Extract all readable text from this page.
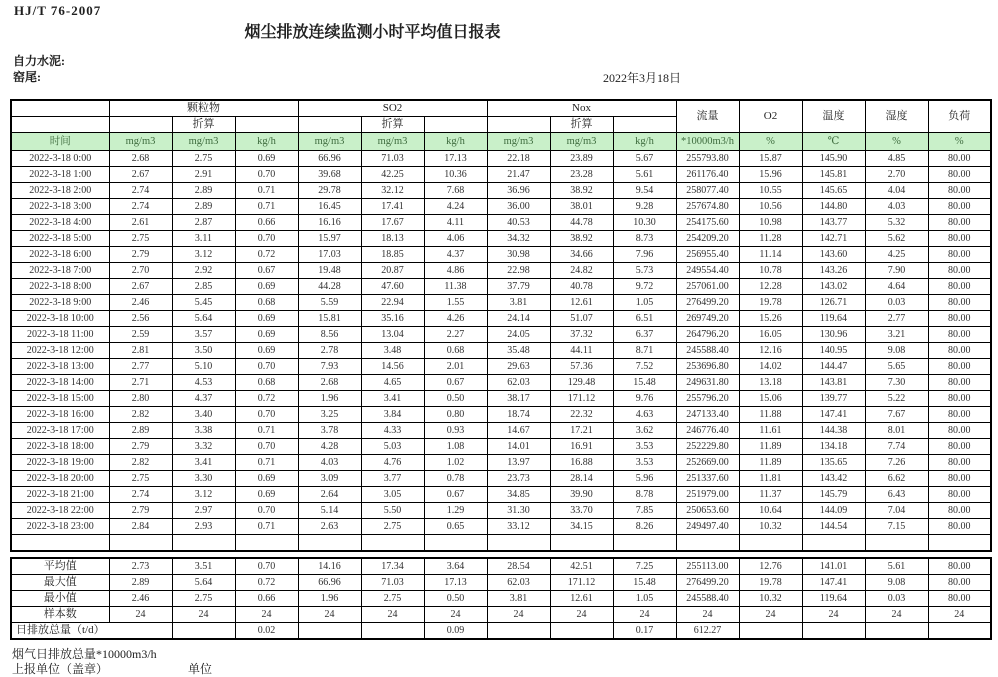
HJ/T 76-2007
烟尘排放连续监测小时平均值日报表
自力水泥:
窑尾:	2022年3月18日
	颗粒物			SO2			Nox			流量	O2	温度	湿度	负荷
		折算			折算			折算						
时间	mg/m3	mg/m3	kg/h	mg/m3	mg/m3	kg/h	mg/m3	mg/m3	kg/h	*10000m3/h	%	℃	%	%
2022-3-18 0:00	2.68	2.75	0.69	66.96	71.03	17.13	22.18	23.89	5.67	255793.80	15.87	145.90	4.85	80.00
2022-3-18 1:00	2.67	2.91	0.70	39.68	42.25	10.36	21.47	23.28	5.61	261176.40	15.96	145.81	2.70	80.00
2022-3-18 2:00	2.74	2.89	0.71	29.78	32.12	7.68	36.96	38.92	9.54	258077.40	10.55	145.65	4.04	80.00
2022-3-18 3:00	2.74	2.89	0.71	16.45	17.41	4.24	36.00	38.01	9.28	257674.80	10.56	144.80	4.03	80.00
2022-3-18 4:00	2.61	2.87	0.66	16.16	17.67	4.11	40.53	44.78	10.30	254175.60	10.98	143.77	5.32	80.00
2022-3-18 5:00	2.75	3.11	0.70	15.97	18.13	4.06	34.32	38.92	8.73	254209.20	11.28	142.71	5.62	80.00
2022-3-18 6:00	2.79	3.12	0.72	17.03	18.85	4.37	30.98	34.66	7.96	256955.40	11.14	143.60	4.25	80.00
2022-3-18 7:00	2.70	2.92	0.67	19.48	20.87	4.86	22.98	24.82	5.73	249554.40	10.78	143.26	7.90	80.00
2022-3-18 8:00	2.67	2.85	0.69	44.28	47.60	11.38	37.79	40.78	9.72	257061.00	12.28	143.02	4.64	80.00
2022-3-18 9:00	2.46	5.45	0.68	5.59	22.94	1.55	3.81	12.61	1.05	276499.20	19.78	126.71	0.03	80.00
2022-3-18 10:00	2.56	5.64	0.69	15.81	35.16	4.26	24.14	51.07	6.51	269749.20	15.26	119.64	2.77	80.00
2022-3-18 11:00	2.59	3.57	0.69	8.56	13.04	2.27	24.05	37.32	6.37	264796.20	16.05	130.96	3.21	80.00
2022-3-18 12:00	2.81	3.50	0.69	2.78	3.48	0.68	35.48	44.11	8.71	245588.40	12.16	140.95	9.08	80.00
2022-3-18 13:00	2.77	5.10	0.70	7.93	14.56	2.01	29.63	57.36	7.52	253696.80	14.02	144.47	5.65	80.00
2022-3-18 14:00	2.71	4.53	0.68	2.68	4.65	0.67	62.03	129.48	15.48	249631.80	13.18	143.81	7.30	80.00
2022-3-18 15:00	2.80	4.37	0.72	1.96	3.41	0.50	38.17	171.12	9.76	255796.20	15.06	139.77	5.22	80.00
2022-3-18 16:00	2.82	3.40	0.70	3.25	3.84	0.80	18.74	22.32	4.63	247133.40	11.88	147.41	7.67	80.00
2022-3-18 17:00	2.89	3.38	0.71	3.78	4.33	0.93	14.67	17.21	3.62	246776.40	11.61	144.38	8.01	80.00
2022-3-18 18:00	2.79	3.32	0.70	4.28	5.03	1.08	14.01	16.91	3.53	252229.80	11.89	134.18	7.74	80.00
2022-3-18 19:00	2.82	3.41	0.71	4.03	4.76	1.02	13.97	16.88	3.53	252669.00	11.89	135.65	7.26	80.00
2022-3-18 20:00	2.75	3.30	0.69	3.09	3.77	0.78	23.73	28.14	5.96	251337.60	11.81	143.42	6.62	80.00
2022-3-18 21:00	2.74	3.12	0.69	2.64	3.05	0.67	34.85	39.90	8.78	251979.00	11.37	145.79	6.43	80.00
2022-3-18 22:00	2.79	2.97	0.70	5.14	5.50	1.29	31.30	33.70	7.85	250653.60	10.64	144.09	7.04	80.00
2022-3-18 23:00	2.84	2.93	0.71	2.63	2.75	0.65	33.12	34.15	8.26	249497.40	10.32	144.54	7.15	80.00

平均值	2.73	3.51	0.70	14.16	17.34	3.64	28.54	42.51	7.25	255113.00	12.76	141.01	5.61	80.00
最大值	2.89	5.64	0.72	66.96	71.03	17.13	62.03	171.12	15.48	276499.20	19.78	147.41	9.08	80.00
最小值	2.46	2.75	0.66	1.96	2.75	0.50	3.81	12.61	1.05	245588.40	10.32	119.64	0.03	80.00
样本数	24	24	24	24	24	24	24	24	24	24	24	24	24	24
日排放总量（t/d）			0.02			0.09			0.17	612.27				
烟气日排放总量*10000m3/h
上报单位（盖章）	单位
